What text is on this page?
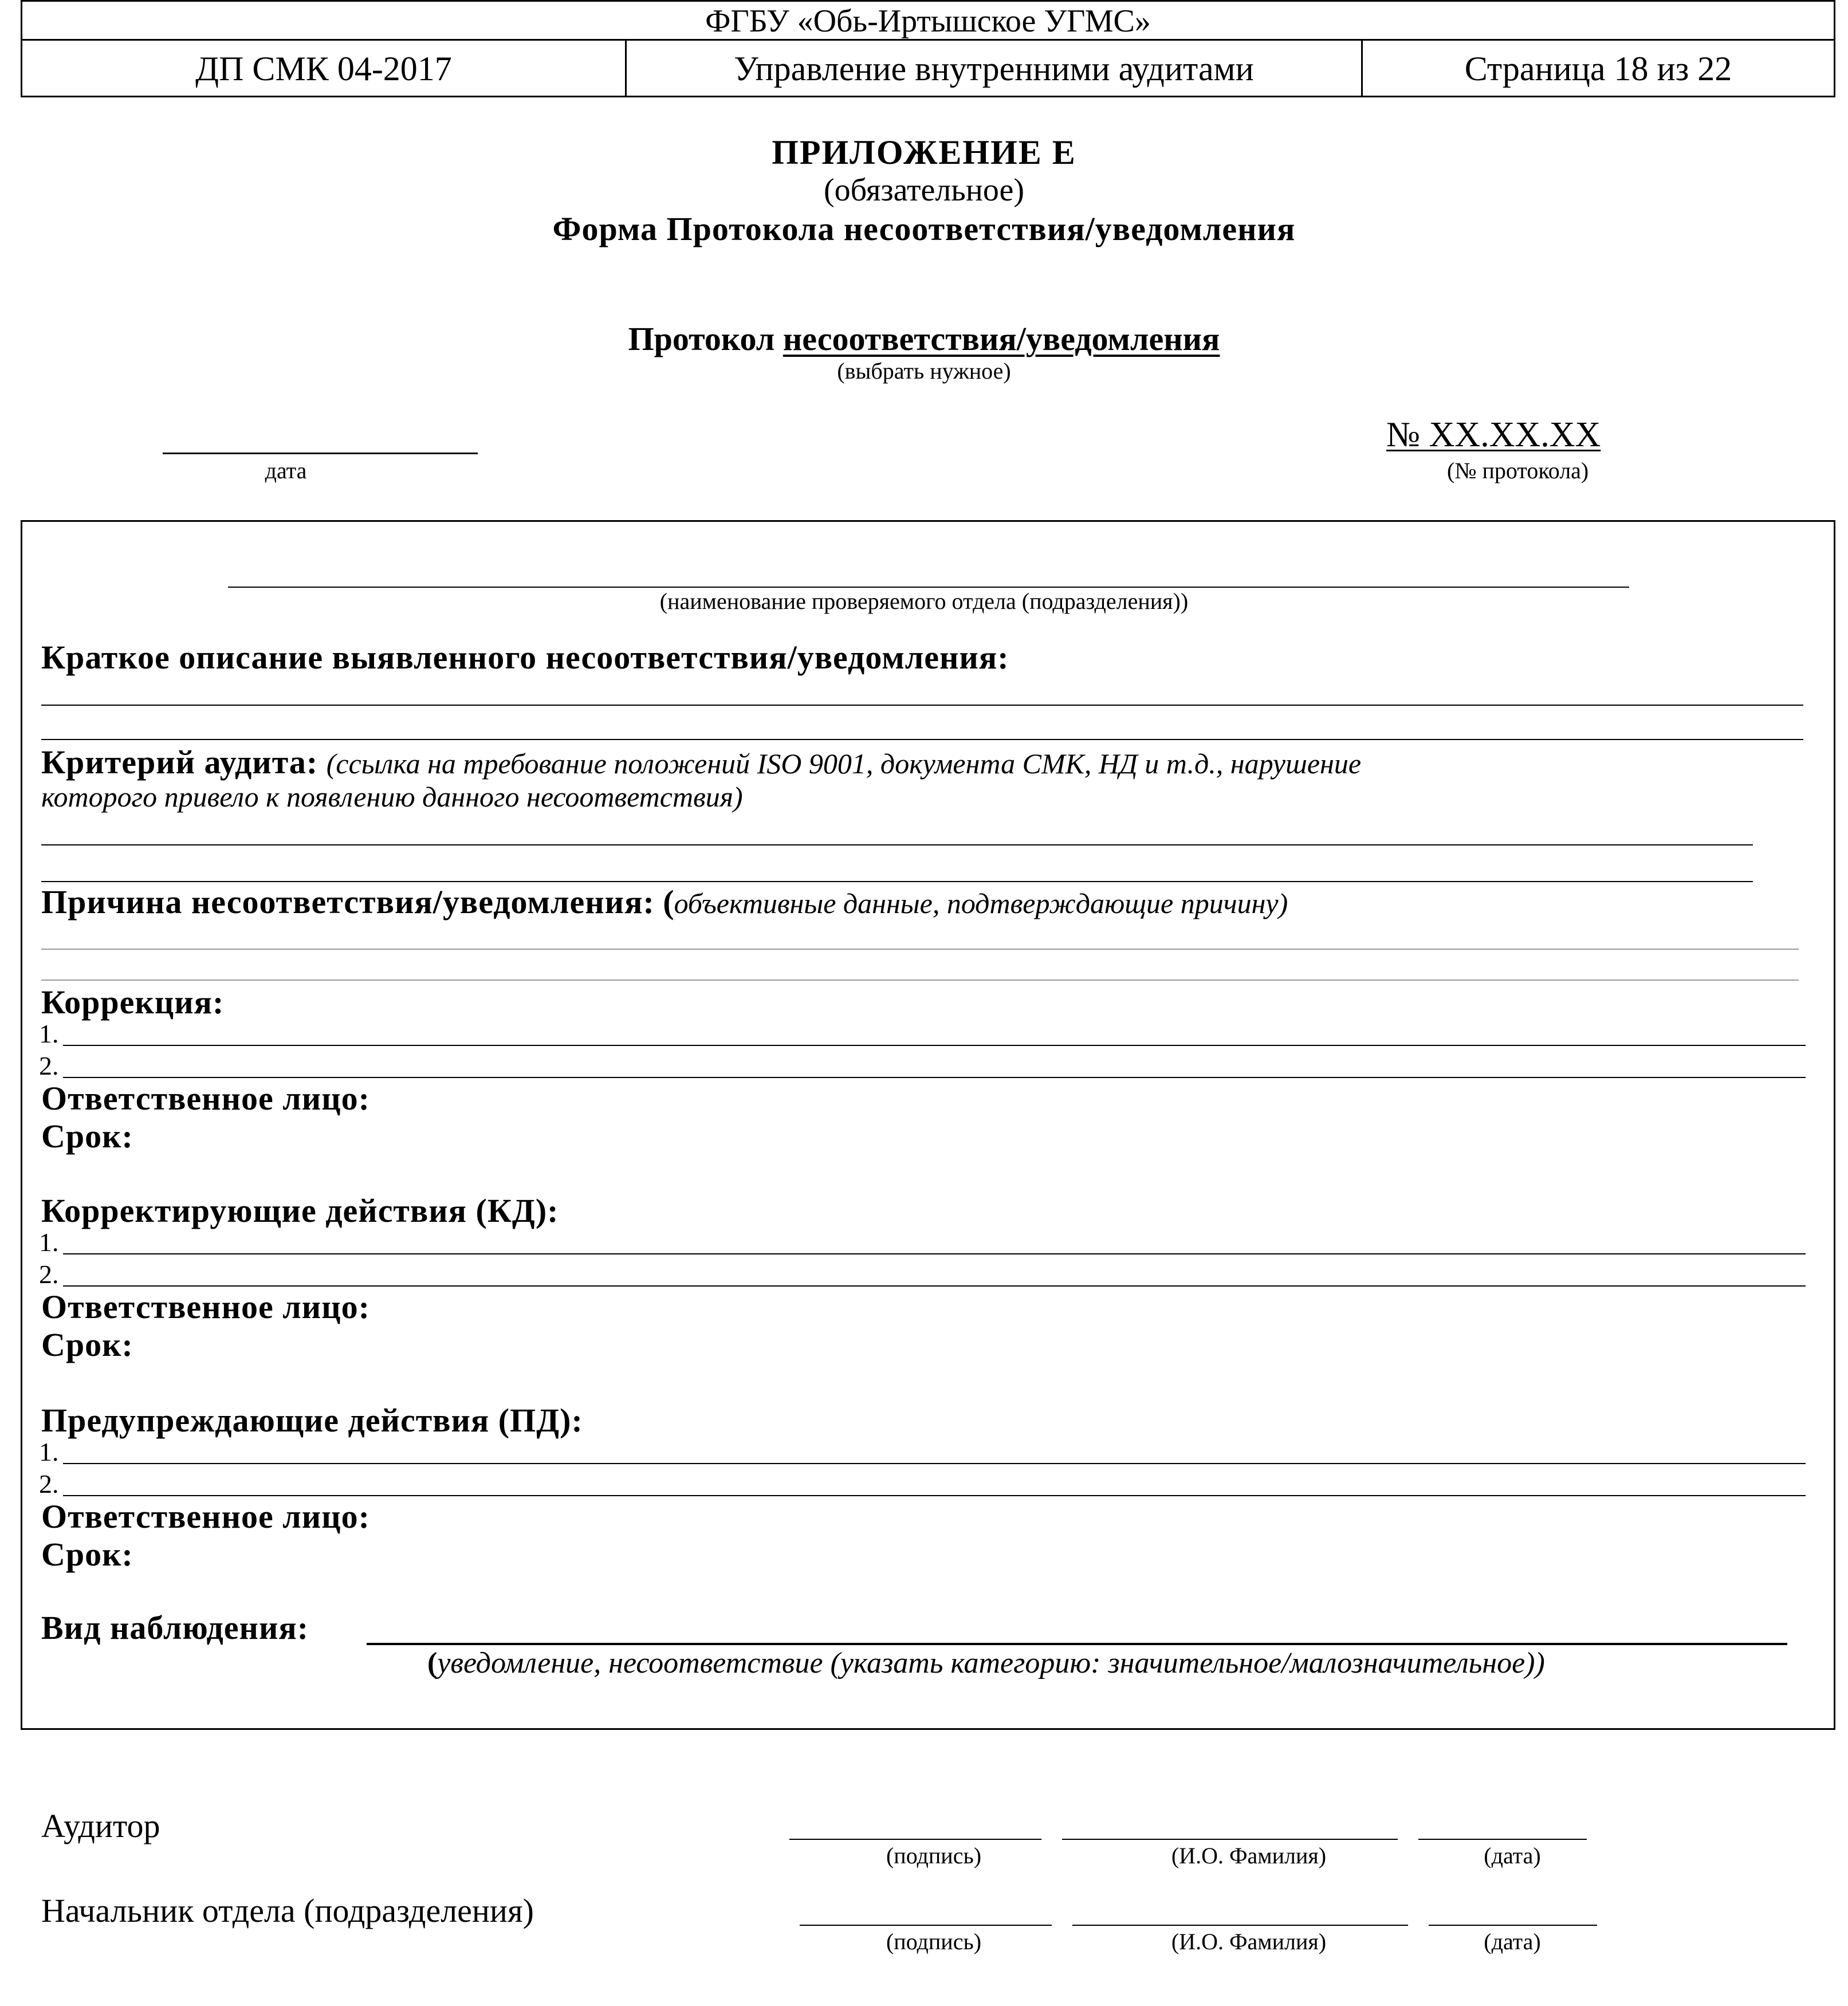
ФГБУ «Обь-Иртышское УГМС»
ДП СМК 04-2017	Управление внутренними аудитами	Страница 18 из 22
ПРИЛОЖЕНИЕ Е
(обязательное)
Форма Протокола несоответствия/уведомления
Протокол несоответствия/уведомления
(выбрать нужное)
дата
№ XX.XX.XX
(№ протокола)
(наименование проверяемого отдела (подразделения))
Краткое описание выявленного несоответствия/уведомления:
Критерий аудита: (ссылка на требование положений ISO 9001, документа СМК, НД и т.д., нарушение
которого привело к появлению данного несоответствия)
Причина несоответствия/уведомления: (объективные данные, подтверждающие причину)
Коррекция:
1.
2.
Ответственное лицо:
Срок:
Корректирующие действия (КД):
1.
2.
Ответственное лицо:
Срок:
Предупреждающие действия (ПД):
1.
2.
Ответственное лицо:
Срок:
Вид наблюдения:
(уведомление, несоответствие (указать категорию: значительное/малозначительное))
Аудитор
(подпись)	(И.О. Фамилия)	(дата)
Начальник отдела (подразделения)
(подпись)	(И.О. Фамилия)	(дата)
